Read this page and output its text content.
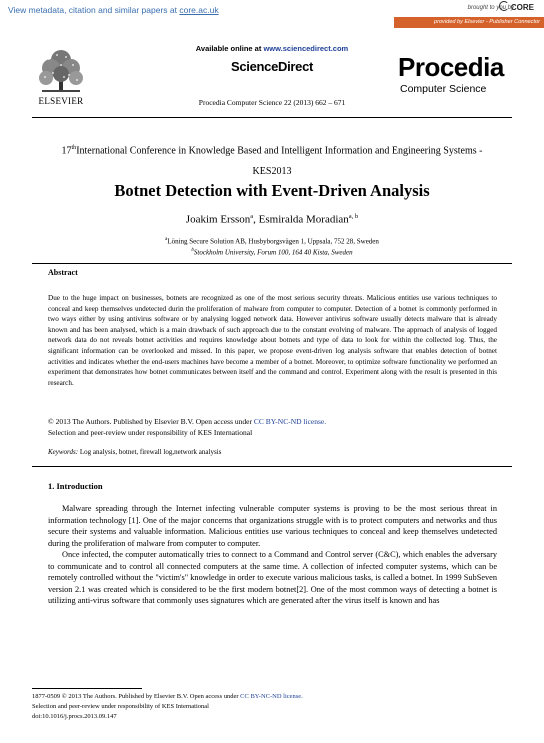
View metadata, citation and similar papers at core.ac.uk	brought to you by
CORE
provided by Elsevier - Publisher Connector
ELSEVIER
Available online at www.sciencedirect.com
ScienceDirect
Procedia Computer Science 22 (2013) 662 – 671
Procedia
Computer Science
17thInternational Conference in Knowledge Based and Intelligent Information and Engineering Systems -
KES2013
Botnet Detection with Event-Driven Analysis
Joakim Ersson$^a$, Esmiralda Moradian$^{a, b}$
$^a$Löning Secure Solution AB, Husbyborgsvägen 1, Uppsala, 752 28, Sweden
$^b$Stockholm University, Forum 100, 164 40 Kista, Sweden
Abstract
Due to the huge impact on businesses, botnets are recognized as one of the most serious security threats. Malicious entities use various techniques to conceal and keep themselves undetected durin the proliferation of malware from computer to computer. Detection of a botnet is commonly performed in two ways either by using antivirus software or by analysing logged network data. However antivirus software usually detects malware that is already known and has been analysed, which is a main drawback of such approach due to the constant evolving of malware. The approach of analysis of logged network data do not reveals botnet activities and requires knowledge about botnets and type of data to look for within the collected log. Thus, the significant information can be overlooked and missed. In this paper, we propose event-driven log analysis software that enables detection of botnet activities and indicates whether the end-users machines have become a member of a botnet. Moreover, to optimize software functionality we performed an experiment that demonstrates how botnet communicates between itself and the command and control. Experiment along with the result is presented in this research.
© 2013 The Authors. Published by Elsevier B.V. Open access under CC BY-NC-ND license.
Selection and peer-review under responsibility of KES International
Keywords: Log analysis, botnet, firewall log,network analysis
1. Introduction

Malware spreading through the Internet infecting vulnerable computer systems is proving to be the most serious threat in information technology [1]. One of the major concerns that organizations struggle with is to protect computers and networks and thus secure their systems and valuable information. Malicious entities use various techniques to conceal and keep themselves undetected during the proliferation of malware from computer to computer.

Once infected, the computer automatically tries to connect to a Command and Control server (C&C), which enables the adversary to communicate and to control all connected computers at the same time. A collection of infected computer systems, which can be remotely controlled without the "victim's" knowledge in order to execute various malicious tasks, is called a botnet. In 1999 SubSeven version 2.1 was created which is considered to be the first modern botnet[2]. One of the most common ways of detecting a botnet is utilizing anti-virus software that commonly uses signatures which are generated after the virus itself is known and has

1877-0509 © 2013 The Authors. Published by Elsevier B.V. Open access under CC BY-NC-ND license.
Selection and peer-review under responsibility of KES International
doi:10.1016/j.procs.2013.09.147
